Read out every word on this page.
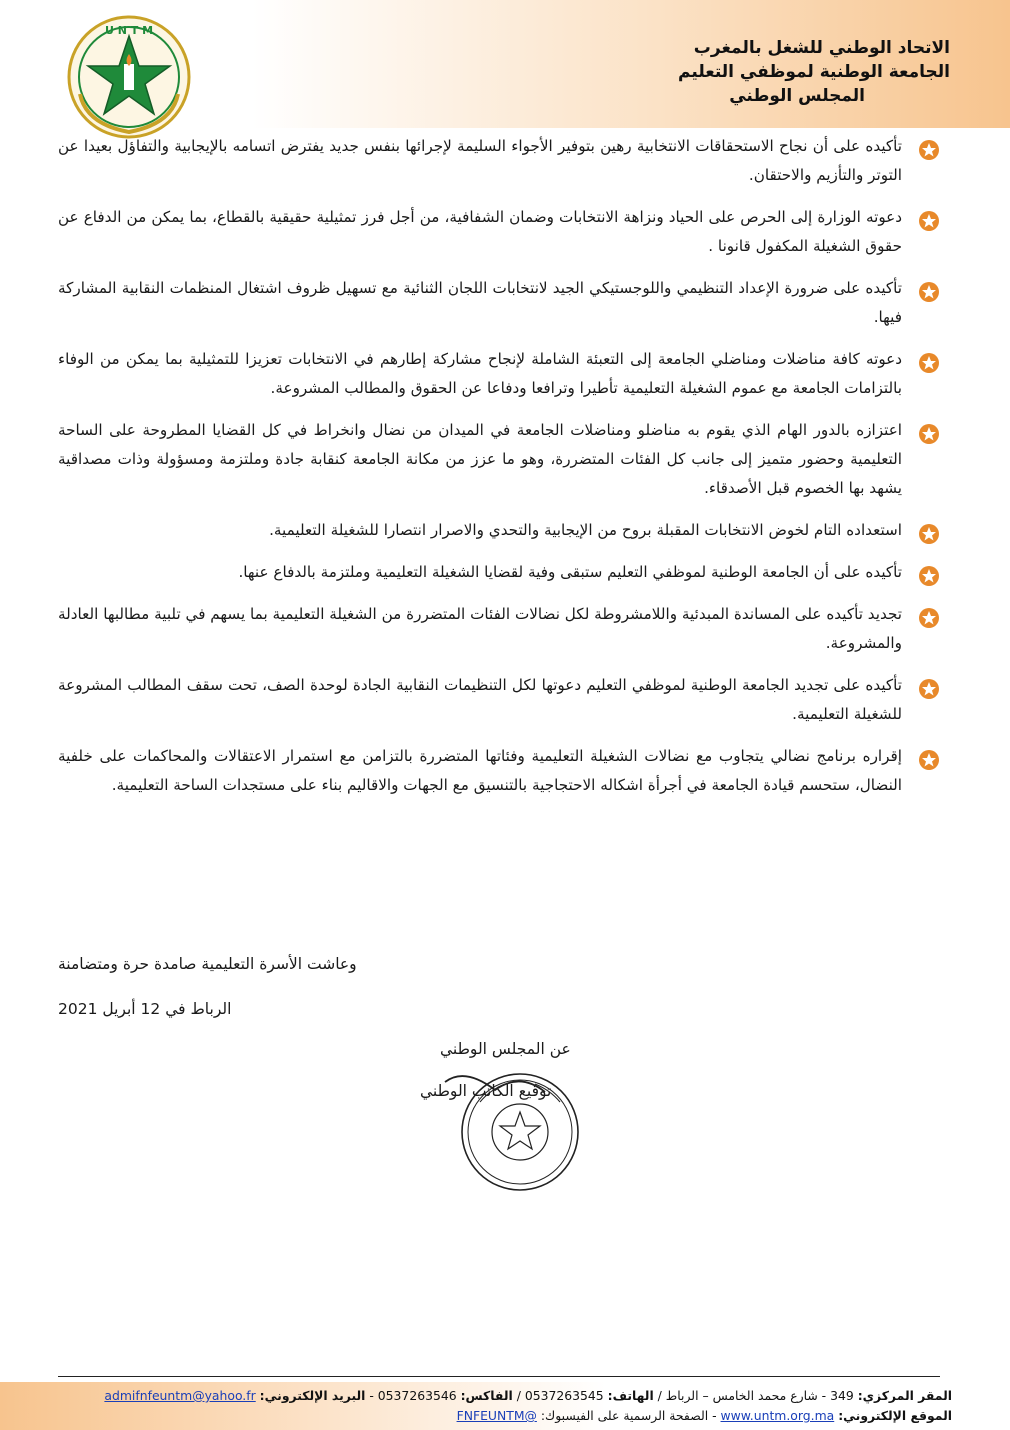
U N T M
الاتحاد الوطني للشغل بالمغرب
الجامعة الوطنية لموظفي التعليم
المجلس الوطني
تأكيده على أن نجاح الاستحقاقات الانتخابية رهين بتوفير الأجواء السليمة لإجرائها بنفس جديد يفترض اتسامه بالإيجابية والتفاؤل بعيدا عن التوتر والتأزيم والاحتقان.
دعوته الوزارة إلى الحرص على الحياد ونزاهة الانتخابات وضمان الشفافية، من أجل فرز تمثيلية حقيقية بالقطاع، بما يمكن من الدفاع عن حقوق الشغيلة المكفول قانونا .
تأكيده على ضرورة الإعداد التنظيمي واللوجستيكي الجيد لانتخابات اللجان الثنائية مع تسهيل ظروف اشتغال المنظمات النقابية المشاركة فيها.
دعوته كافة مناضلات ومناضلي الجامعة إلى التعبئة الشاملة لإنجاح مشاركة إطارهم في الانتخابات تعزيزا للتمثيلية بما يمكن من الوفاء بالتزامات الجامعة مع عموم الشغيلة التعليمية تأطيرا وترافعا ودفاعا عن الحقوق والمطالب المشروعة.
اعتزازه بالدور الهام الذي يقوم به مناضلو ومناضلات الجامعة في الميدان من نضال وانخراط في كل القضايا المطروحة على الساحة التعليمية وحضور متميز إلى جانب كل الفئات المتضررة، وهو ما عزز من مكانة الجامعة كنقابة جادة وملتزمة ومسؤولة وذات مصداقية يشهد بها الخصوم قبل الأصدقاء.
استعداده التام لخوض الانتخابات المقبلة بروح من الإيجابية والتحدي والاصرار انتصارا للشغيلة التعليمية.
تأكيده على أن الجامعة الوطنية لموظفي التعليم ستبقى وفية لقضايا الشغيلة التعليمية وملتزمة بالدفاع عنها.
تجديد تأكيده على المساندة المبدئية واللامشروطة لكل نضالات الفئات المتضررة من الشغيلة التعليمية بما يسهم في تلبية مطالبها العادلة والمشروعة.
تأكيده على تجديد الجامعة الوطنية لموظفي التعليم دعوتها لكل التنظيمات النقابية الجادة لوحدة الصف، تحت سقف المطالب المشروعة للشغيلة التعليمية.
إقراره برنامج نضالي يتجاوب مع نضالات الشغيلة التعليمية وفئاتها المتضررة بالتزامن مع استمرار الاعتقالات والمحاكمات على خلفية النضال، ستحسم قيادة الجامعة في أجرأة اشكاله الاحتجاجية بالتنسيق مع الجهات والاقاليم بناء على مستجدات الساحة التعليمية.
وعاشت الأسرة التعليمية صامدة حرة ومتضامنة
الرباط في 12 أبريل 2021
عن المجلس الوطني
توقيع الكاتب الوطني
المقر المركزي: 349 - شارع محمد الخامس – الرباط / الهاتف: 0537263545 / الفاكس: 0537263546 - البريد الإلكتروني: admifnfeuntm@yahoo.fr
الموقع الإلكتروني: www.untm.org.ma - الصفحة الرسمية على الفيسبوك: @FNFEUNTM
